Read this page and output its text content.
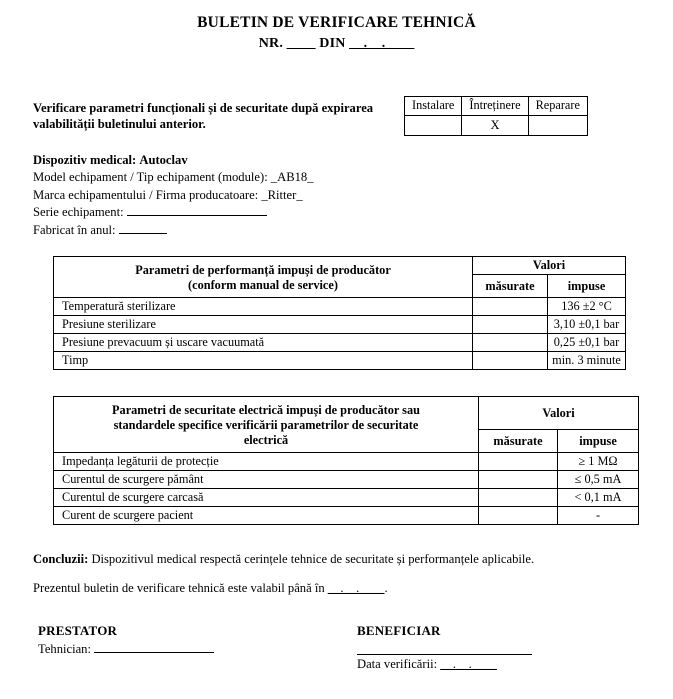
BULETIN DE VERIFICARE TEHNICĂ
NR. ____ DIN __.__.____
Verificare parametri funcționali și de securitate după expirarea valabilității buletinului anterior.
Instalare	Întreținere	Reparare
	X	
Dispozitiv medical: Autoclav
Model echipament / Tip echipament (module): _AB18_
Marca echipamentului / Firma producatoare: _Ritter_
Serie echipament:
Fabricat în anul:
Parametri de performanță impuși de producător
(conform manual de service)	Valori	
	măsurate	impuse
Temperatură sterilizare		136 ±2 °C
Presiune sterilizare		3,10 ±0,1 bar
Presiune prevacuum și uscare vacuumată		0,25 ±0,1 bar
Timp		min. 3 minute
Parametri de securitate electrică impuși de producător sau
standardele specifice verificării parametrilor de securitate
electrică	Valori	
	măsurate	impuse
Impedanța legăturii de protecție		≥ 1 MΩ
Curentul de scurgere pământ		≤ 0,5 mA
Curentul de scurgere carcasă		< 0,1 mA
Curent de scurgere pacient		-
Concluzii: Dispozitivul medical respectă cerințele tehnice de securitate și performanțele aplicabile.
Prezentul buletin de verificare tehnică este valabil până în __.__.____.
PRESTATOR
Tehnician:
BENEFICIAR
Data verificării: __.__.____
